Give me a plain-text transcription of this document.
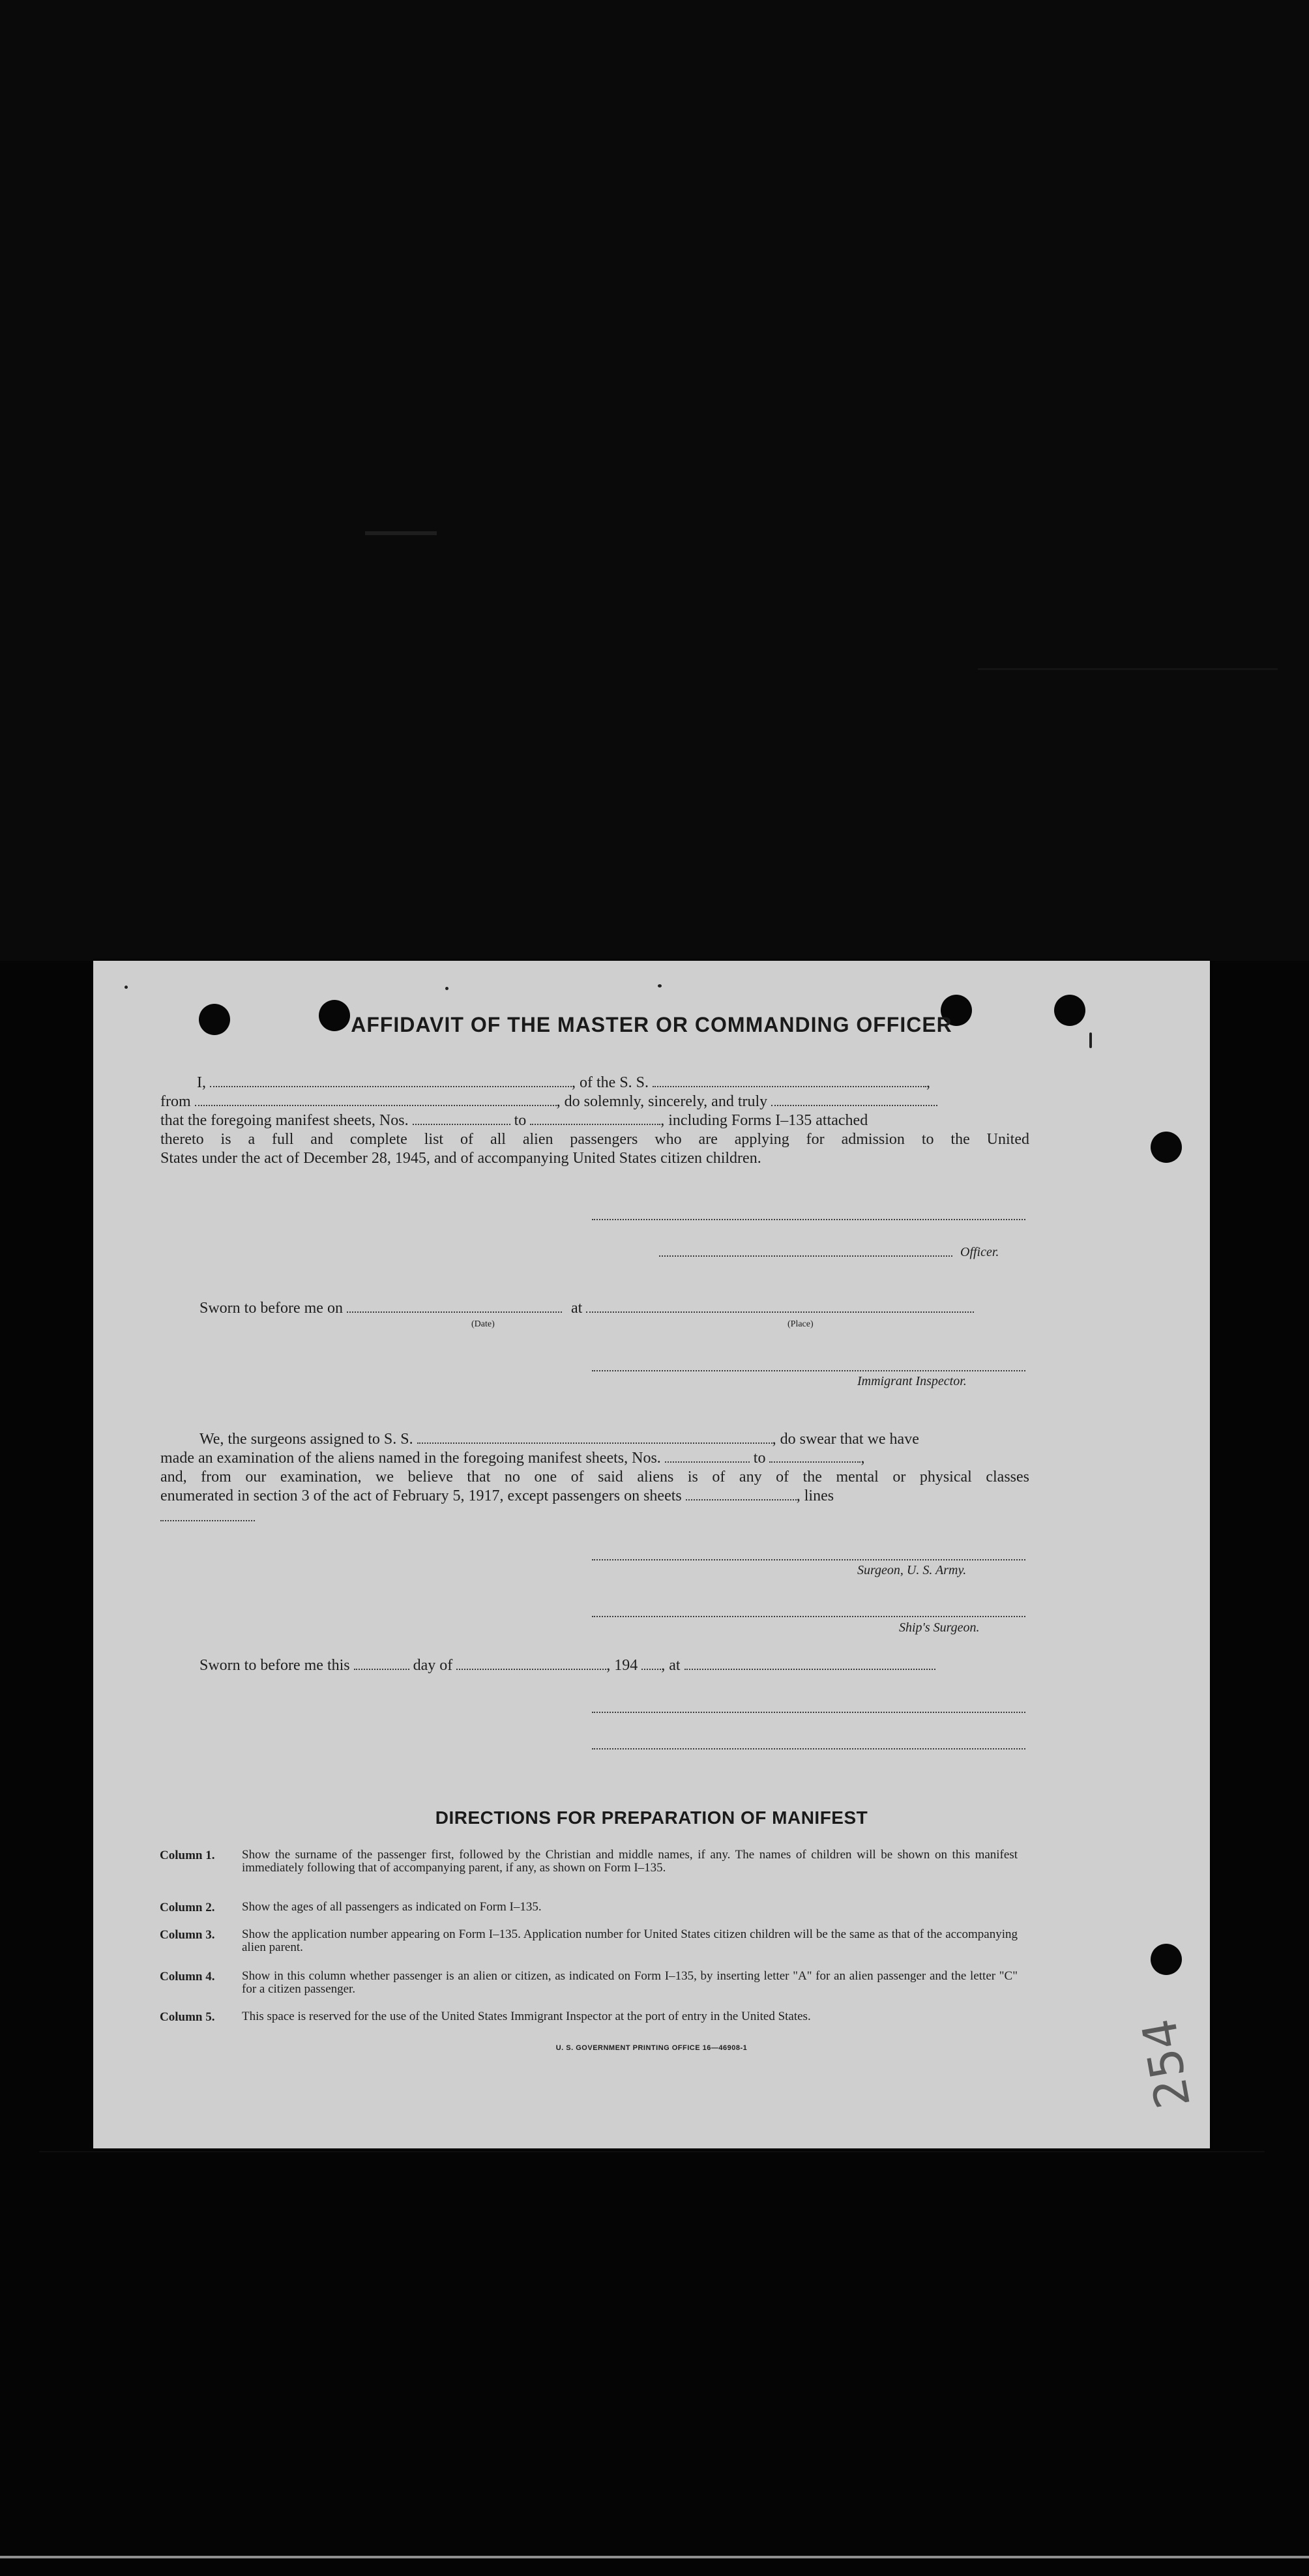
AFFIDAVIT OF THE MASTER OR COMMANDING OFFICER
I,	, of the S. S.	,
from	, do solemnly, sincerely, and truly
that the foregoing manifest sheets, Nos.	to	, including Forms I–135 attached
thereto is a full and complete list of all alien passengers who are applying for admission to the United
States under the act of December 28, 1945, and of accompanying United States citizen children.
Officer.
Sworn to before me on	at
(Date)	(Place)
Immigrant Inspector.
We, the surgeons assigned to S. S.	, do swear that we have
made an examination of the aliens named in the foregoing manifest sheets, Nos.	to	,
and, from our examination, we believe that no one of said aliens is of any of the mental or physical classes
enumerated in section 3 of the act of February 5, 1917, except passengers on sheets	, lines
Surgeon, U. S. Army.
Ship's Surgeon.
Sworn to before me this	day of	, 194 , at
DIRECTIONS FOR PREPARATION OF MANIFEST
Column 1. Show the surname of the passenger first, followed by the Christian and middle names, if any. The names of children will be shown on this manifest immediately following that of accompanying parent, if any, as shown on Form I–135.
Column 2. Show the ages of all passengers as indicated on Form I–135.
Column 3. Show the application number appearing on Form I–135. Application number for United States citizen children will be the same as that of the accompanying alien parent.
Column 4. Show in this column whether passenger is an alien or citizen, as indicated on Form I–135, by inserting letter "A" for an alien passenger and the letter "C" for a citizen passenger.
Column 5. This space is reserved for the use of the United States Immigrant Inspector at the port of entry in the United States.
U. S. GOVERNMENT PRINTING OFFICE 16—46908-1	254
